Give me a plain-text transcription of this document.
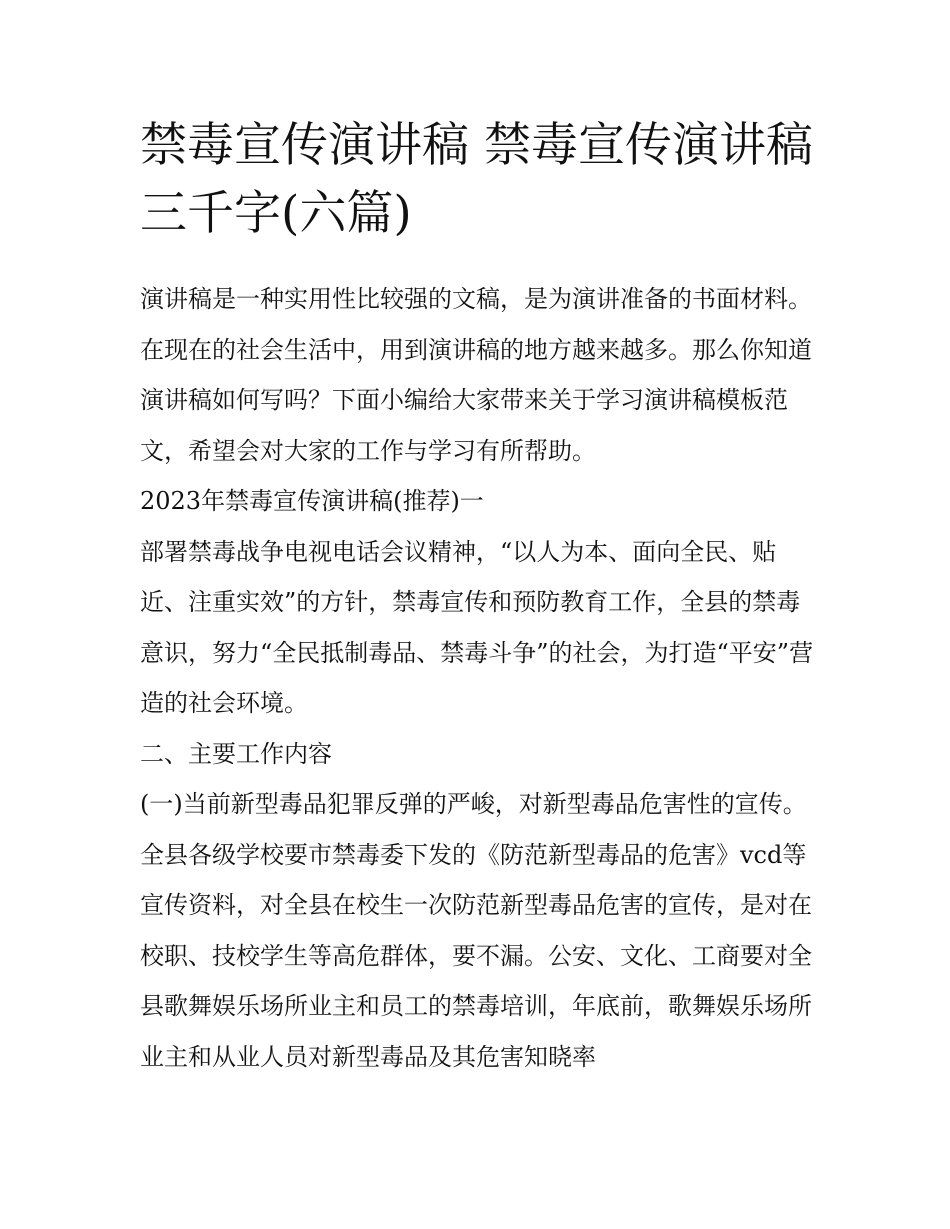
禁毒宣传演讲稿 禁毒宣传演讲稿三千字(六篇)

演讲稿是一种实用性比较强的文稿，是为演讲准备的书面材料。在现在的社会生活中，用到演讲稿的地方越来越多。那么你知道演讲稿如何写吗？下面小编给大家带来关于学习演讲稿模板范文，希望会对大家的工作与学习有所帮助。

2023年禁毒宣传演讲稿(推荐)一

部署禁毒战争电视电话会议精神，“以人为本、面向全民、贴近、注重实效”的方针，禁毒宣传和预防教育工作，全县的禁毒意识，努力“全民抵制毒品、禁毒斗争”的社会，为打造“平安”营造的社会环境。

二、主要工作内容

(一)当前新型毒品犯罪反弹的严峻，对新型毒品危害性的宣传。全县各级学校要市禁毒委下发的《防范新型毒品的危害》vcd等宣传资料，对全县在校生一次防范新型毒品危害的宣传，是对在校职、技校学生等高危群体，要不漏。公安、文化、工商要对全县歌舞娱乐场所业主和员工的禁毒培训，年底前，歌舞娱乐场所业主和从业人员对新型毒品及其危害知晓率
